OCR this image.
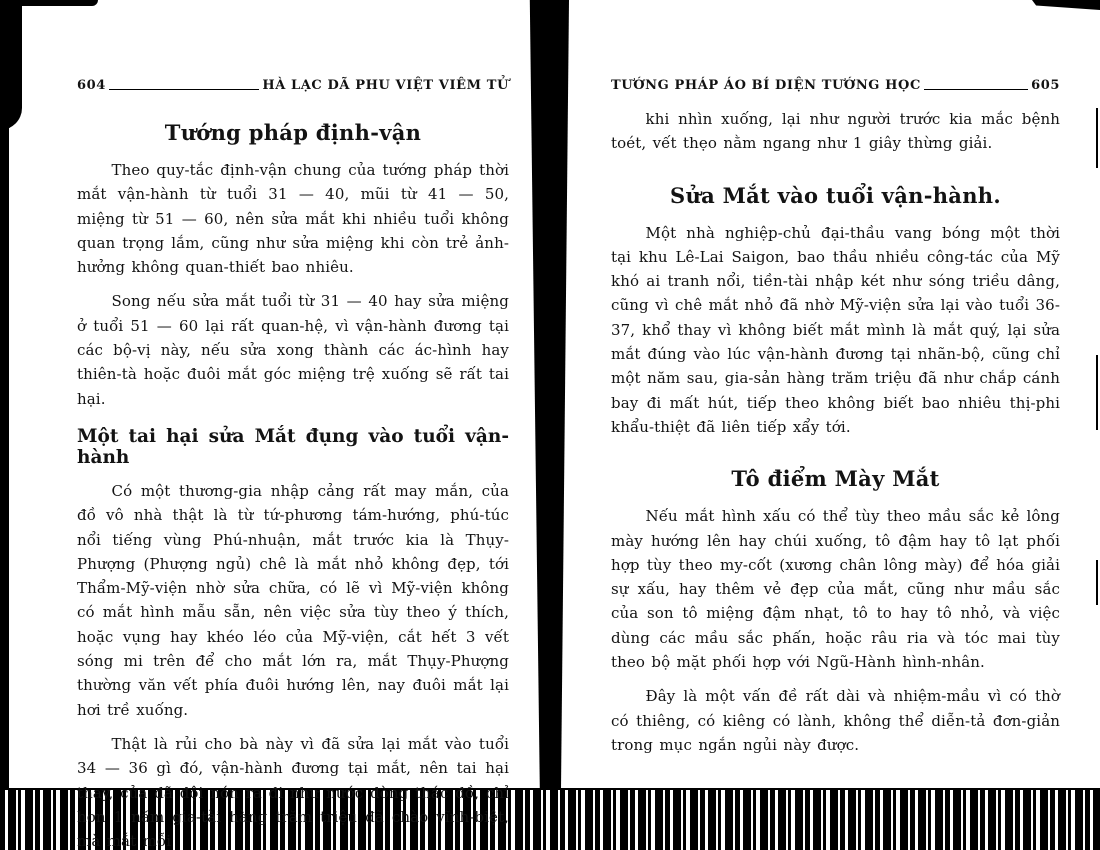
604	HÀ LẠC DÃ PHU VIỆT VIÊM TỬ
Tướng pháp định-vận

Theo quy-tắc định-vận chung của tướng pháp thời mắt vận-hành từ tuổi 31 — 40, mũi từ 41 — 50, miệng từ 51 — 60, nên sửa mắt khi nhiều tuổi không quan trọng lắm, cũng như sửa miệng khi còn trẻ ảnh-hưởng không quan-thiết bao nhiêu.

Song nếu sửa mắt tuổi từ 31 — 40 hay sửa miệng ở tuổi 51 — 60 lại rất quan-hệ, vì vận-hành đương tại các bộ-vị này, nếu sửa xong thành các ác-hình hay thiên-tà hoặc đuôi mắt góc miệng trệ xuống sẽ rất tai hại.

Một tai hại sửa Mắt đụng vào tuổi vận-hành

Có một thương-gia nhập cảng rất may mắn, của đồ vô nhà thật là từ tứ-phương tám-hướng, phú-túc nổi tiếng vùng Phú-nhuận, mắt trước kia là Thụy-Phượng (Phượng ngủ) chê là mắt nhỏ không đẹp, tới Thẩm-Mỹ-viện nhờ sửa chữa, có lẽ vì Mỹ-viện không có mắt hình mẫu sẵn, nên việc sửa tùy theo ý thích, hoặc vụng hay khéo léo của Mỹ-viện, cắt hết 3 vết sóng mi trên để cho mắt lớn ra, mắt Thụy-Phượng thường văn vết phía đuôi hướng lên, nay đuôi mắt lại hơi trề xuống.

Thật là rủi cho bà này vì đã sửa lại mắt vào tuổi 34 — 36 gì đó, vận-hành đương tại mắt, nên tai hại thay, của đã đội nón ra đi như nước dòng thác đồ, chỉ hơn 1 năm gia-tài hàng trăm triệu đã chào vĩnh-biệt, mà mắt mỗi

TƯỚNG PHÁP ÁO BÍ DIỆN TƯỚNG HỌC	605

khi nhìn xuống, lại như người trước kia mắc bệnh toét, vết thẹo nằm ngang như 1 giây thừng giải.

Sửa Mắt vào tuổi vận-hành.

Một nhà nghiệp-chủ đại-thầu vang bóng một thời tại khu Lê-Lai Saigon, bao thầu nhiều công-tác của Mỹ khó ai tranh nổi, tiền-tài nhập két như sóng triều dâng, cũng vì chê mắt nhỏ đã nhờ Mỹ-viện sửa lại vào tuổi 36-37, khổ thay vì không biết mắt mình là mắt quý, lại sửa mắt đúng vào lúc vận-hành đương tại nhãn-bộ, cũng chỉ một năm sau, gia-sản hàng trăm triệu đã như chắp cánh bay đi mất hút, tiếp theo không biết bao nhiêu thị-phi khẩu-thiệt đã liên tiếp xẩy tới.

Tô điểm Mày Mắt

Nếu mắt hình xấu có thể tùy theo mầu sắc kẻ lông mày hướng lên hay chúi xuống, tô đậm hay tô lạt phối hợp tùy theo my-cốt (xương chân lông mày) để hóa giải sự xấu, hay thêm vẻ đẹp của mắt, cũng như mầu sắc của son tô miệng đậm nhạt, tô to hay tô nhỏ, và việc dùng các mầu sắc phấn, hoặc râu ria và tóc mai tùy theo bộ mặt phối hợp với Ngũ-Hành hình-nhân.

Đây là một vấn đề rất dài và nhiệm-mầu vì có thờ có thiêng, có kiêng có lành, không thể diễn-tả đơn-giản trong mục ngắn ngủi này được.
